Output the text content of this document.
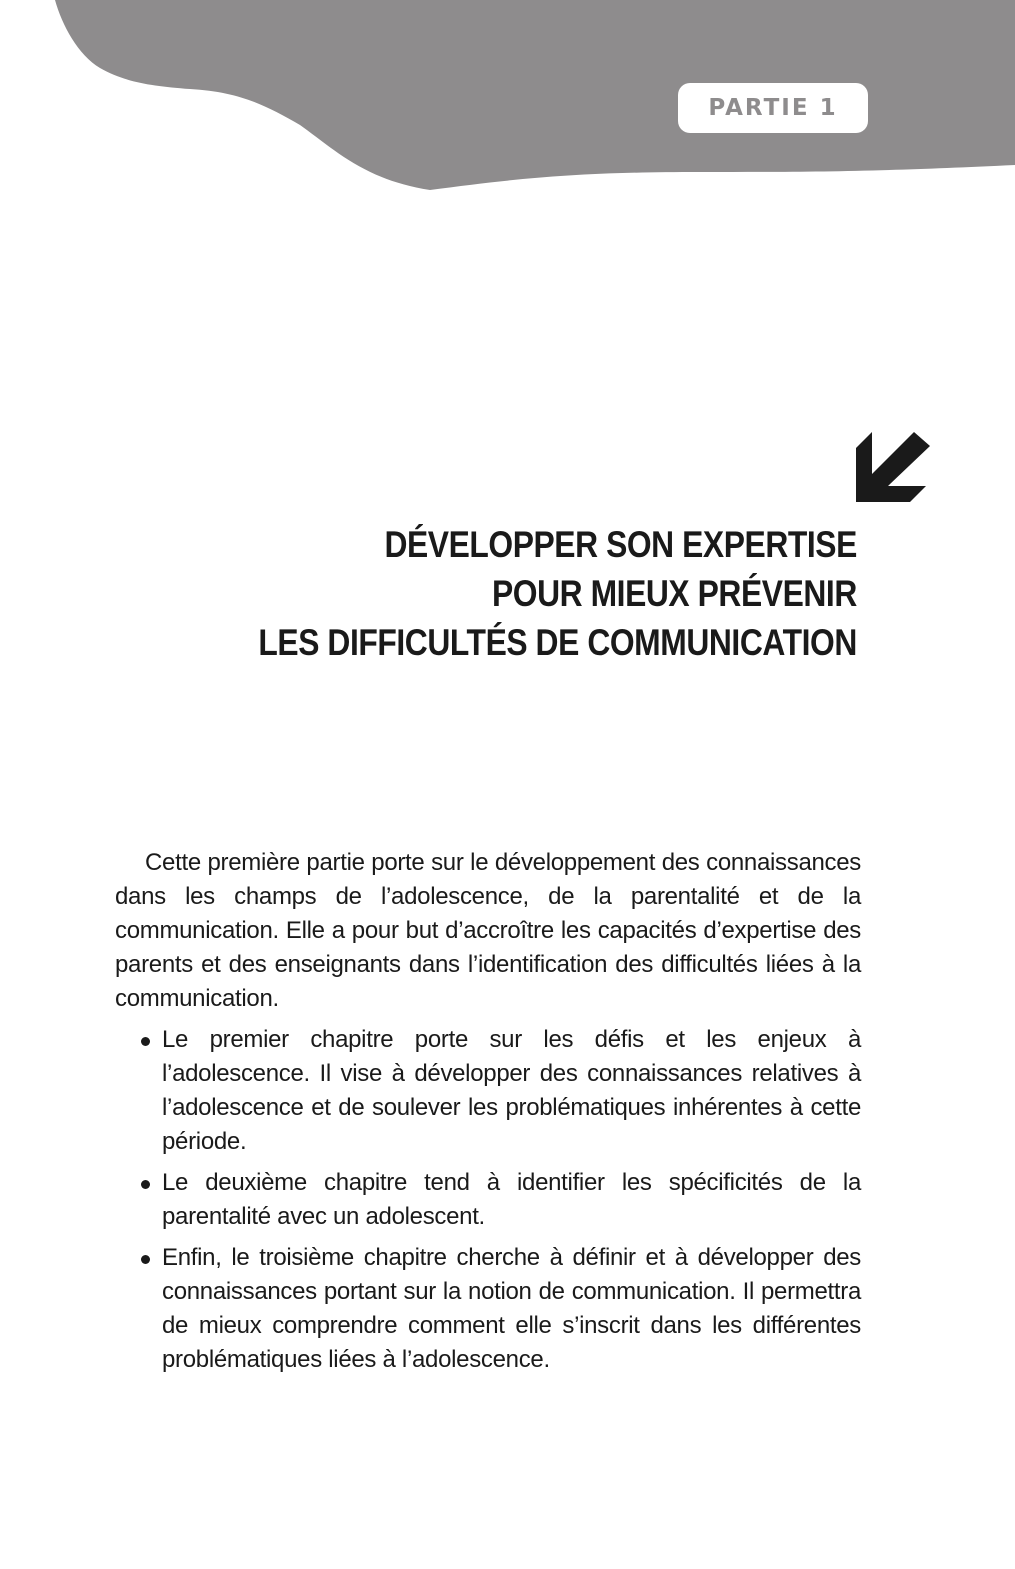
PARTIE 1
DÉVELOPPER SON EXPERTISE
POUR MIEUX PRÉVENIR
LES DIFFICULTÉS DE COMMUNICATION

Cette première partie porte sur le développement des connaissances dans les champs de l’adolescence, de la parentalité et de la communication. Elle a pour but d’accroître les capacités d’expertise des parents et des enseignants dans l’identification des difficultés liées à la communication.

Le premier chapitre porte sur les défis et les enjeux à l’adolescence. Il vise à développer des connaissances relatives à l’adolescence et de soulever les problématiques inhérentes à cette période.
Le deuxième chapitre tend à identifier les spécificités de la parentalité avec un adolescent.
Enfin, le troisième chapitre cherche à définir et à développer des connaissances portant sur la notion de communication. Il permettra de mieux comprendre comment elle s’inscrit dans les différentes problématiques liées à l’adolescence.
